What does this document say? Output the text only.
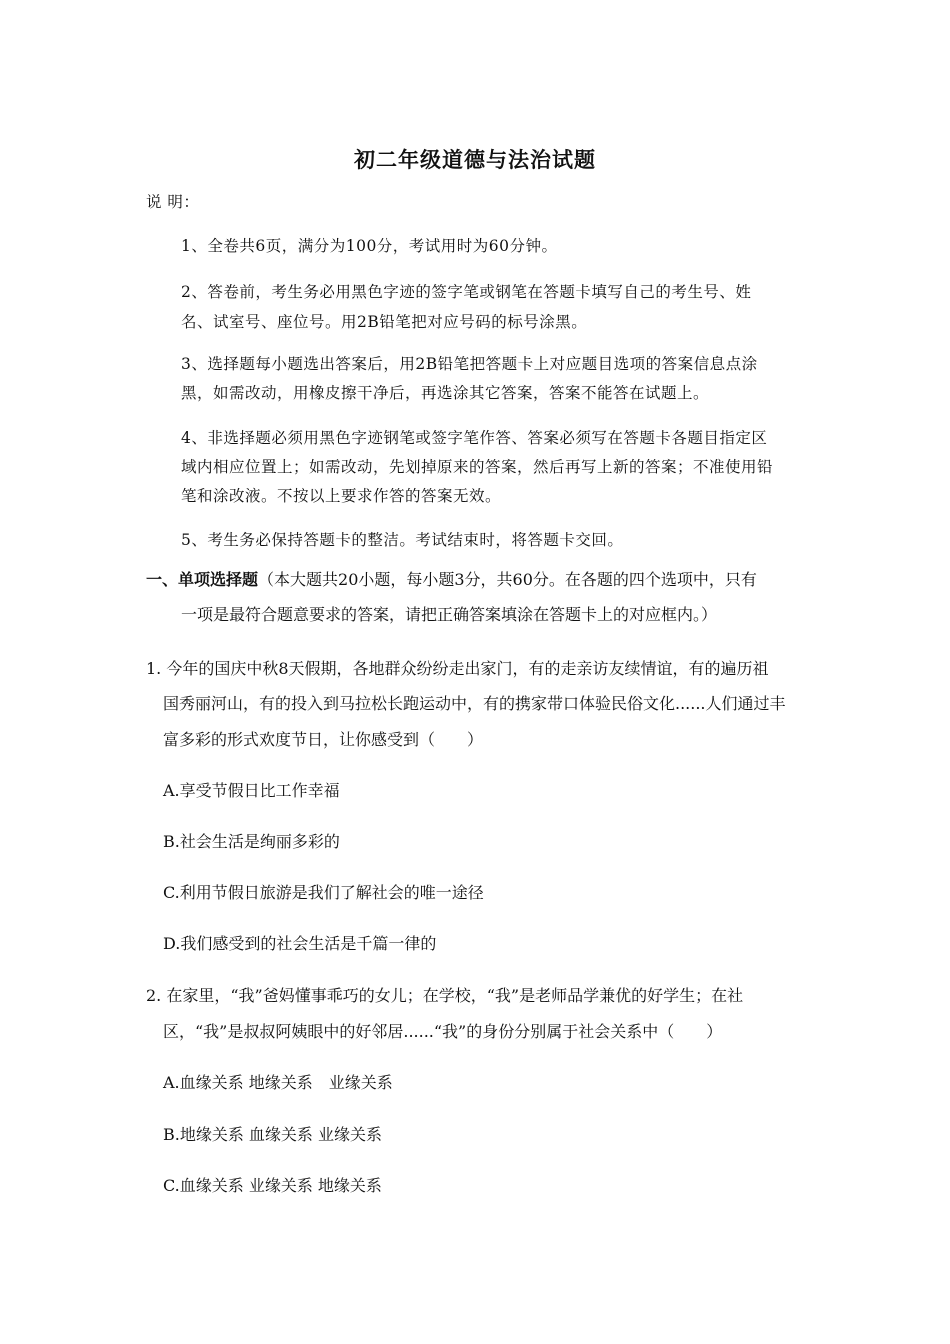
初二年级道德与法治试题

说 明：

1、全卷共6页，满分为100分，考试用时为60分钟。

2、答卷前，考生务必用黑色字迹的签字笔或钢笔在答题卡填写自己的考生号、姓

名、试室号、座位号。用2B铅笔把对应号码的标号涂黑。

3、选择题每小题选出答案后，用2B铅笔把答题卡上对应题目选项的答案信息点涂

黑，如需改动，用橡皮擦干净后，再选涂其它答案，答案不能答在试题上。

4、非选择题必须用黑色字迹钢笔或签字笔作答、答案必须写在答题卡各题目指定区

域内相应位置上；如需改动，先划掉原来的答案，然后再写上新的答案；不准使用铅

笔和涂改液。不按以上要求作答的答案无效。

5、考生务必保持答题卡的整洁。考试结束时，将答题卡交回。

一、单项选择题（本大题共20小题，每小题3分，共60分。在各题的四个选项中，只有

一项是最符合题意要求的答案，请把正确答案填涂在答题卡上的对应框内。）

1. 今年的国庆中秋8天假期，各地群众纷纷走出家门，有的走亲访友续情谊，有的遍历祖

国秀丽河山，有的投入到马拉松长跑运动中，有的携家带口体验民俗文化......人们通过丰

富多彩的形式欢度节日，让你感受到（　　）

A.享受节假日比工作幸福

B.社会生活是绚丽多彩的

C.利用节假日旅游是我们了解社会的唯一途径

D.我们感受到的社会生活是千篇一律的

2. 在家里，“我”爸妈懂事乖巧的女儿；在学校，“我”是老师品学兼优的好学生；在社

区，“我”是叔叔阿姨眼中的好邻居......“我”的身份分别属于社会关系中（　　）

A.血缘关系 地缘关系　业缘关系

B.地缘关系 血缘关系 业缘关系

C.血缘关系 业缘关系 地缘关系
